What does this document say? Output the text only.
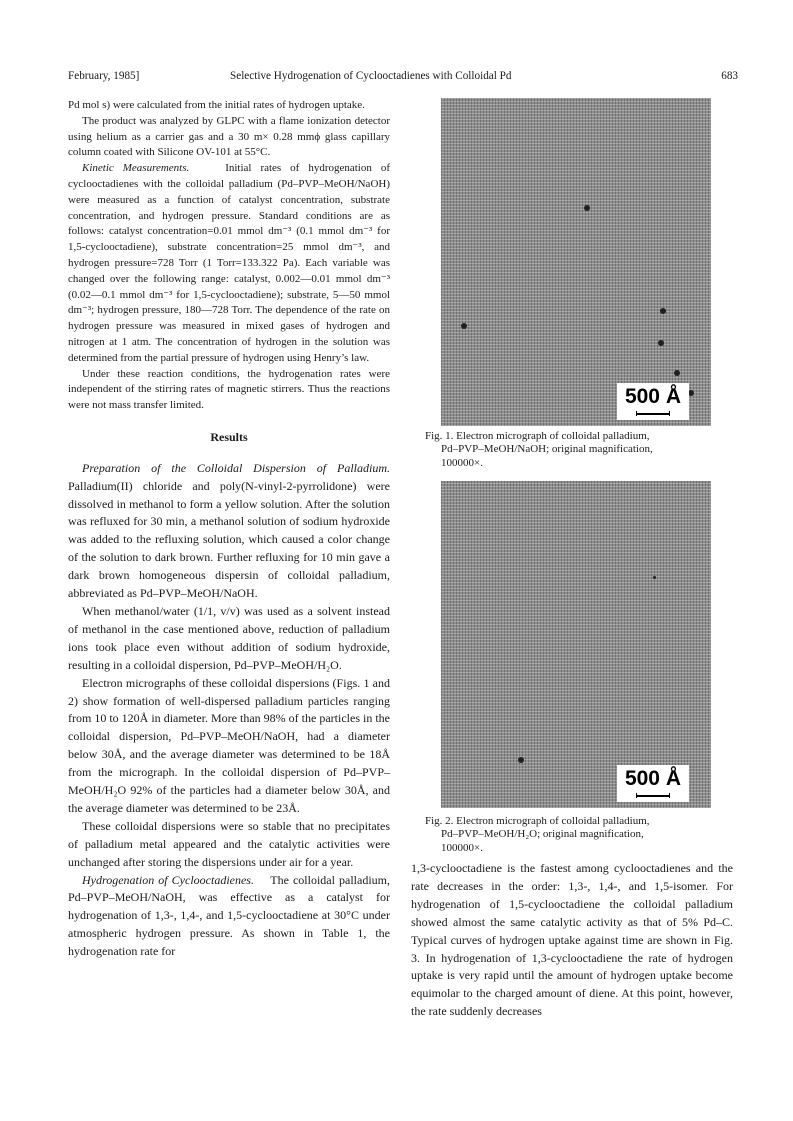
February, 1985]	Selective Hydrogenation of Cyclooctadienes with Colloidal Pd	683

Pd mol s) were calculated from the initial rates of hydrogen uptake.

The product was analyzed by GLPC with a flame ionization detector using helium as a carrier gas and a 30 m× 0.28 mmϕ glass capillary column coated with Silicone OV-101 at 55°C.

Kinetic Measurements.	Initial rates of hydrogenation of cyclooctadienes with the colloidal palladium (Pd–PVP–MeOH/NaOH) were measured as a function of catalyst concentration, substrate concentration, and hydrogen pressure. Standard conditions are as follows: catalyst concentration=0.01 mmol dm⁻³ (0.1 mmol dm⁻³ for 1,5-cyclooctadiene), substrate concentration=25 mmol dm⁻³, and hydrogen pressure=728 Torr (1 Torr=133.322 Pa). Each variable was changed over the following range: catalyst, 0.002—0.01 mmol dm⁻³ (0.02—0.1 mmol dm⁻³ for 1,5-cyclooctadiene); substrate, 5—50 mmol dm⁻³; hydrogen pressure, 180—728 Torr. The dependence of the rate on hydrogen pressure was measured in mixed gases of hydrogen and nitrogen at 1 atm. The concentration of hydrogen in the solution was determined from the partial pressure of hydrogen using Henry’s law.

Under these reaction conditions, the hydrogenation rates were independent of the stirring rates of magnetic stirrers. Thus the reactions were not mass transfer limited.

Results

Preparation of the Colloidal Dispersion of Palladium. Palladium(II) chloride and poly(N-vinyl-2-pyrrolidone) were dissolved in methanol to form a yellow solution. After the solution was refluxed for 30 min, a methanol solution of sodium hydroxide was added to the refluxing solution, which caused a color change of the solution to dark brown. Further refluxing for 10 min gave a dark brown homogeneous dispersin of colloidal palladium, abbreviated as Pd–PVP–MeOH/NaOH.

When methanol/water (1/1, v/v) was used as a solvent instead of methanol in the case mentioned above, reduction of palladium ions took place even without addition of sodium hydroxide, resulting in a colloidal dispersion, Pd–PVP–MeOH/H₂O.

Electron micrographs of these colloidal dispersions (Figs. 1 and 2) show formation of well-dispersed palladium particles ranging from 10 to 120Å in diameter. More than 98% of the particles in the colloidal dispersion, Pd–PVP–MeOH/NaOH, had a diameter below 30Å, and the average diameter was determined to be 18Å from the micrograph. In the colloidal dispersion of Pd–PVP–MeOH/H₂O 92% of the particles had a diameter below 30Å, and the average diameter was determined to be 23Å.

These colloidal dispersions were so stable that no precipitates of palladium metal appeared and the catalytic activities were unchanged after storing the dispersions under air for a year.

Hydrogenation of Cyclooctadienes. The colloidal palladium, Pd–PVP–MeOH/NaOH, was effective as a catalyst for hydrogenation of 1,3-, 1,4-, and 1,5-cyclooctadiene at 30°C under atmospheric hydrogen pressure. As shown in Table 1, the hydrogenation rate for

500 Å
Fig. 1. Electron micrograph of colloidal palladium,

Pd–PVP–MeOH/NaOH; original magnification,
100000×.
500 Å
Fig. 2. Electron micrograph of colloidal palladium,

Pd–PVP–MeOH/H₂O; original magnification,
100000×.

1,3-cyclooctadiene is the fastest among cyclooctadienes and the rate decreases in the order: 1,3-, 1,4-, and 1,5-isomer. For hydrogenation of 1,5-cyclooctadiene the colloidal palladium showed almost the same catalytic activity as that of 5% Pd–C. Typical curves of hydrogen uptake against time are shown in Fig. 3. In hydrogenation of 1,3-cyclooctadiene the rate of hydrogen uptake is very rapid until the amount of hydrogen uptake become equimolar to the charged amount of diene. At this point, however, the rate suddenly decreases
